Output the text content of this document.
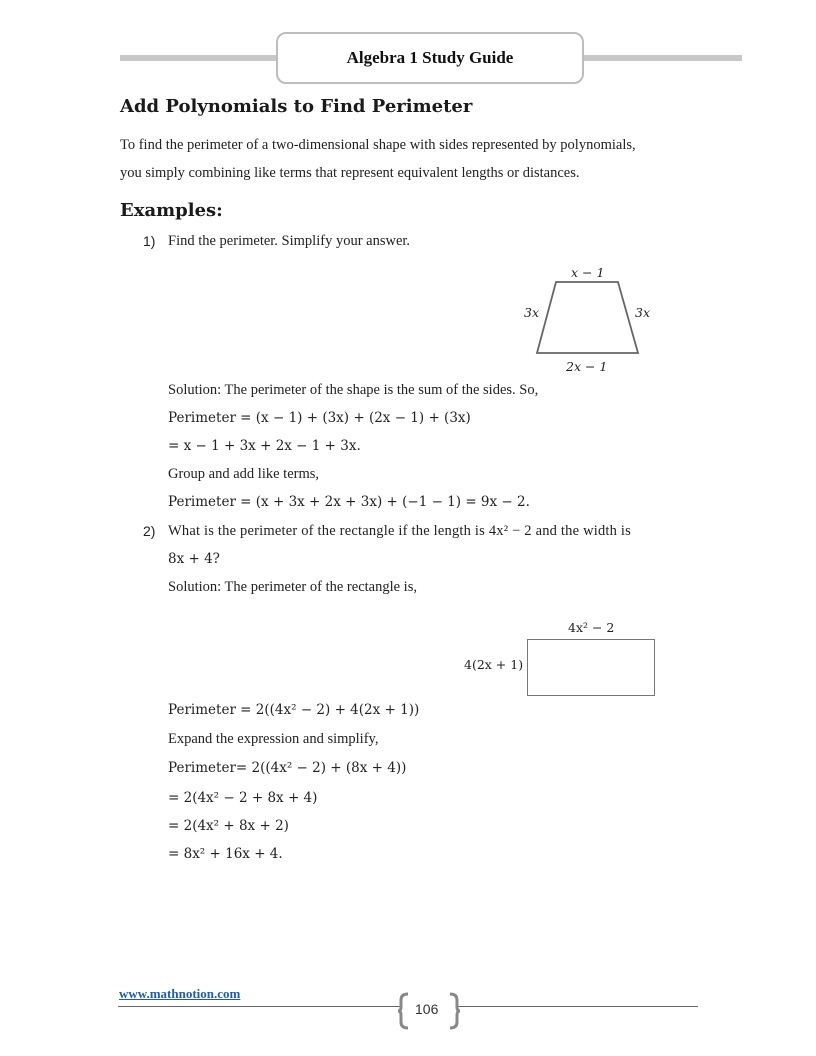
Algebra 1 Study Guide
Add Polynomials to Find Perimeter
To find the perimeter of a two-dimensional shape with sides represented by polynomials,
you simply combining like terms that represent equivalent lengths or distances.
Examples:
1) Find the perimeter. Simplify your answer.
x − 1
3x	3x
2x − 1
Solution: The perimeter of the shape is the sum of the sides. So,
Perimeter = (x − 1) + (3x) + (2x − 1) + (3x)
= x − 1 + 3x + 2x − 1 + 3x.
Group and add like terms,
Perimeter = (x + 3x + 2x + 3x) + (−1 − 1) = 9x − 2.
2) What is the perimeter of the rectangle if the length is 4x² − 2 and the width is
8x + 4?
Solution: The perimeter of the rectangle is,
4x² − 2
4(2x + 1)
Perimeter = 2((4x² − 2) + 4(2x + 1))
Expand the expression and simplify,
Perimeter= 2((4x² − 2) + (8x + 4))
= 2(4x² − 2 + 8x + 4)
= 2(4x² + 8x + 2)
= 8x² + 16x + 4.
www.mathnotion.com
106
